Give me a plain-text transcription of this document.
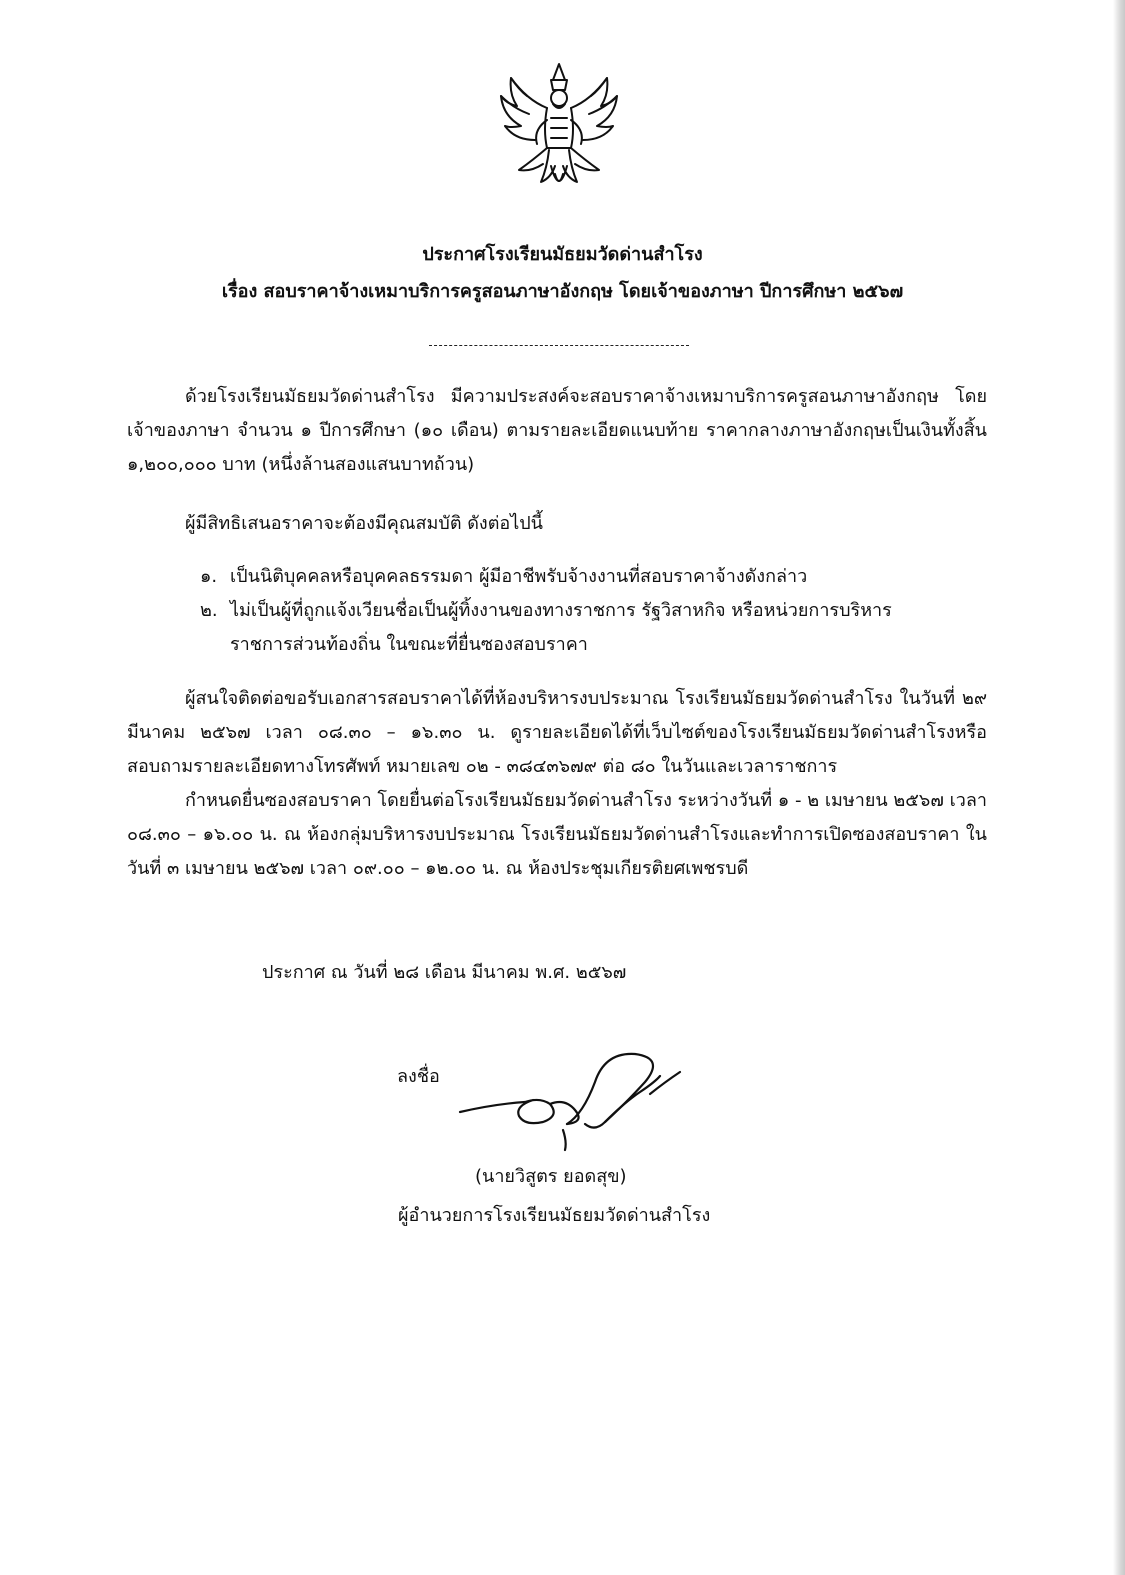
ประกาศโรงเรียนมัธยมวัดด่านสำโรง
เรื่อง สอบราคาจ้างเหมาบริการครูสอนภาษาอังกฤษ โดยเจ้าของภาษา ปีการศึกษา ๒๕๖๗

ด้วยโรงเรียนมัธยมวัดด่านสำโรง มีความประสงค์จะสอบราคาจ้างเหมาบริการครูสอนภาษาอังกฤษ โดยเจ้าของภาษา จำนวน ๑ ปีการศึกษา (๑๐ เดือน) ตามรายละเอียดแนบท้าย ราคากลางภาษาอังกฤษเป็นเงินทั้งสิ้น ๑,๒๐๐,๐๐๐ บาท (หนึ่งล้านสองแสนบาทถ้วน)

ผู้มีสิทธิเสนอราคาจะต้องมีคุณสมบัติ ดังต่อไปนี้
๑. เป็นนิติบุคคลหรือบุคคลธรรมดา ผู้มีอาชีพรับจ้างงานที่สอบราคาจ้างดังกล่าว
๒. ไม่เป็นผู้ที่ถูกแจ้งเวียนชื่อเป็นผู้ทิ้งงานของทางราชการ รัฐวิสาหกิจ หรือหน่วยการบริหารราชการส่วนท้องถิ่น ในขณะที่ยื่นซองสอบราคา

ผู้สนใจติดต่อขอรับเอกสารสอบราคาได้ที่ห้องบริหารงบประมาณ โรงเรียนมัธยมวัดด่านสำโรง ในวันที่ ๒๙ มีนาคม ๒๕๖๗ เวลา ๐๘.๓๐ – ๑๖.๓๐ น. ดูรายละเอียดได้ที่เว็บไซต์ของโรงเรียนมัธยมวัดด่านสำโรงหรือสอบถามรายละเอียดทางโทรศัพท์ หมายเลข ๐๒ - ๓๘๔๓๖๗๙ ต่อ ๘๐ ในวันและเวลาราชการ

กำหนดยื่นซองสอบราคา โดยยื่นต่อโรงเรียนมัธยมวัดด่านสำโรง ระหว่างวันที่ ๑ - ๒ เมษายน ๒๕๖๗ เวลา ๐๘.๓๐ – ๑๖.๐๐ น. ณ ห้องกลุ่มบริหารงบประมาณ โรงเรียนมัธยมวัดด่านสำโรงและทำการเปิดซองสอบราคา ในวันที่ ๓ เมษายน ๒๕๖๗ เวลา ๐๙.๐๐ – ๑๒.๐๐ น. ณ ห้องประชุมเกียรติยศเพชรบดี

ประกาศ ณ วันที่ ๒๘ เดือน มีนาคม พ.ศ. ๒๕๖๗
ลงชื่อ
(นายวิสูตร ยอดสุข)
ผู้อำนวยการโรงเรียนมัธยมวัดด่านสำโรง
